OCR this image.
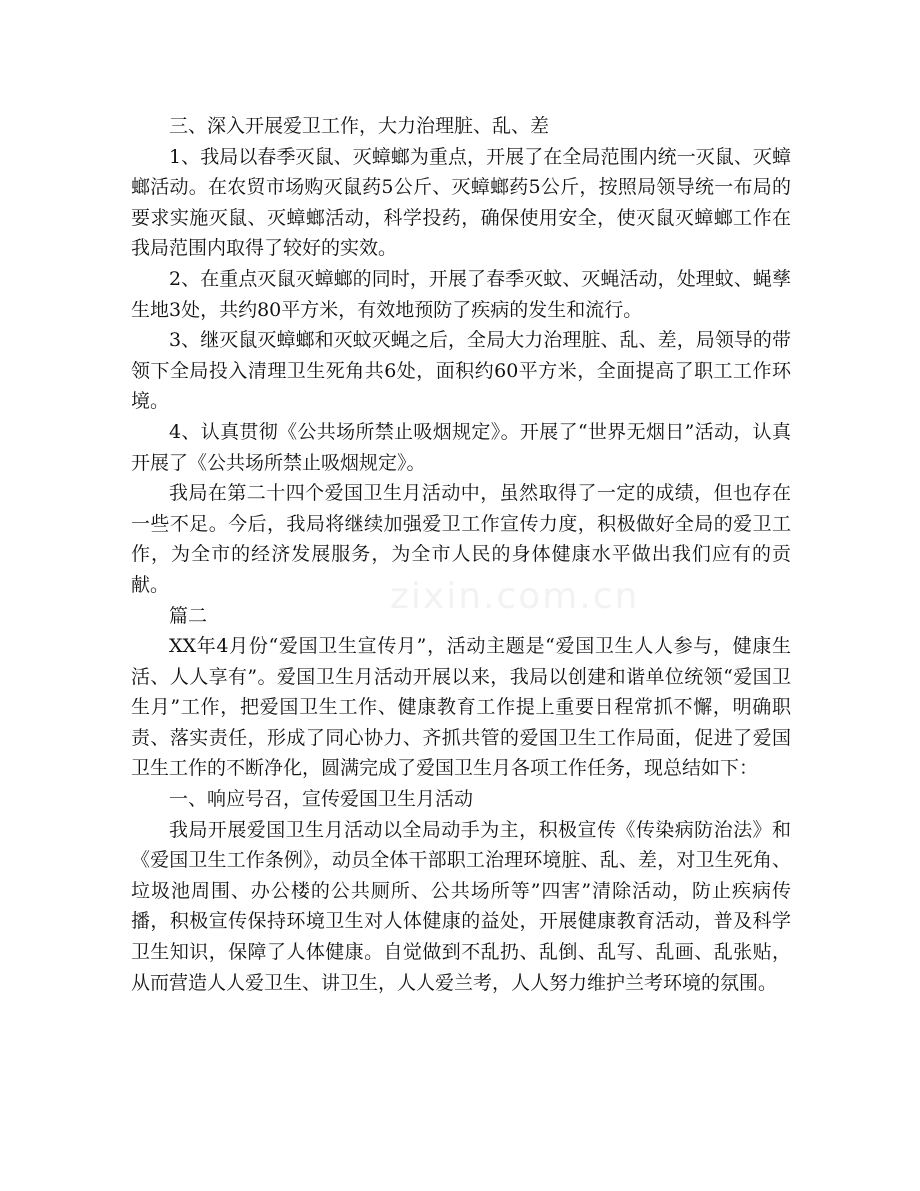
三、深入开展爱卫工作，大力治理脏、乱、差

1、我局以春季灭鼠、灭蟑螂为重点，开展了在全局范围内统一灭鼠、灭蟑螂活动。在农贸市场购灭鼠药5公斤、灭蟑螂药5公斤，按照局领导统一布局的要求实施灭鼠、灭蟑螂活动，科学投药，确保使用安全，使灭鼠灭蟑螂工作在我局范围内取得了较好的实效。

2、在重点灭鼠灭蟑螂的同时，开展了春季灭蚊、灭蝇活动，处理蚊、蝇孳生地3处，共约80平方米，有效地预防了疾病的发生和流行。

3、继灭鼠灭蟑螂和灭蚊灭蝇之后，全局大力治理脏、乱、差，局领导的带领下全局投入清理卫生死角共6处，面积约60平方米，全面提高了职工工作环境。

4、认真贯彻《公共场所禁止吸烟规定》。开展了“世界无烟日”活动，认真开展了《公共场所禁止吸烟规定》。

我局在第二十四个爱国卫生月活动中，虽然取得了一定的成绩，但也存在一些不足。今后，我局将继续加强爱卫工作宣传力度，积极做好全局的爱卫工作，为全市的经济发展服务，为全市人民的身体健康水平做出我们应有的贡献。

篇二

XX年4月份“爱国卫生宣传月”，活动主题是“爱国卫生人人参与，健康生活、人人享有”。爱国卫生月活动开展以来，我局以创建和谐单位统领“爱国卫生月”工作，把爱国卫生工作、健康教育工作提上重要日程常抓不懈，明确职责、落实责任，形成了同心协力、齐抓共管的爱国卫生工作局面，促进了爱国卫生工作的不断净化，圆满完成了爱国卫生月各项工作任务，现总结如下：

一、响应号召，宣传爱国卫生月活动

我局开展爱国卫生月活动以全局动手为主，积极宣传《传染病防治法》和《爱国卫生工作条例》，动员全体干部职工治理环境脏、乱、差，对卫生死角、垃圾池周围、办公楼的公共厕所、公共场所等”四害”清除活动，防止疾病传播，积极宣传保持环境卫生对人体健康的益处，开展健康教育活动，普及科学卫生知识，保障了人体健康。自觉做到不乱扔、乱倒、乱写、乱画、乱张贴，从而营造人人爱卫生、讲卫生，人人爱兰考，人人努力维护兰考环境的氛围。

zixin.com.cn
